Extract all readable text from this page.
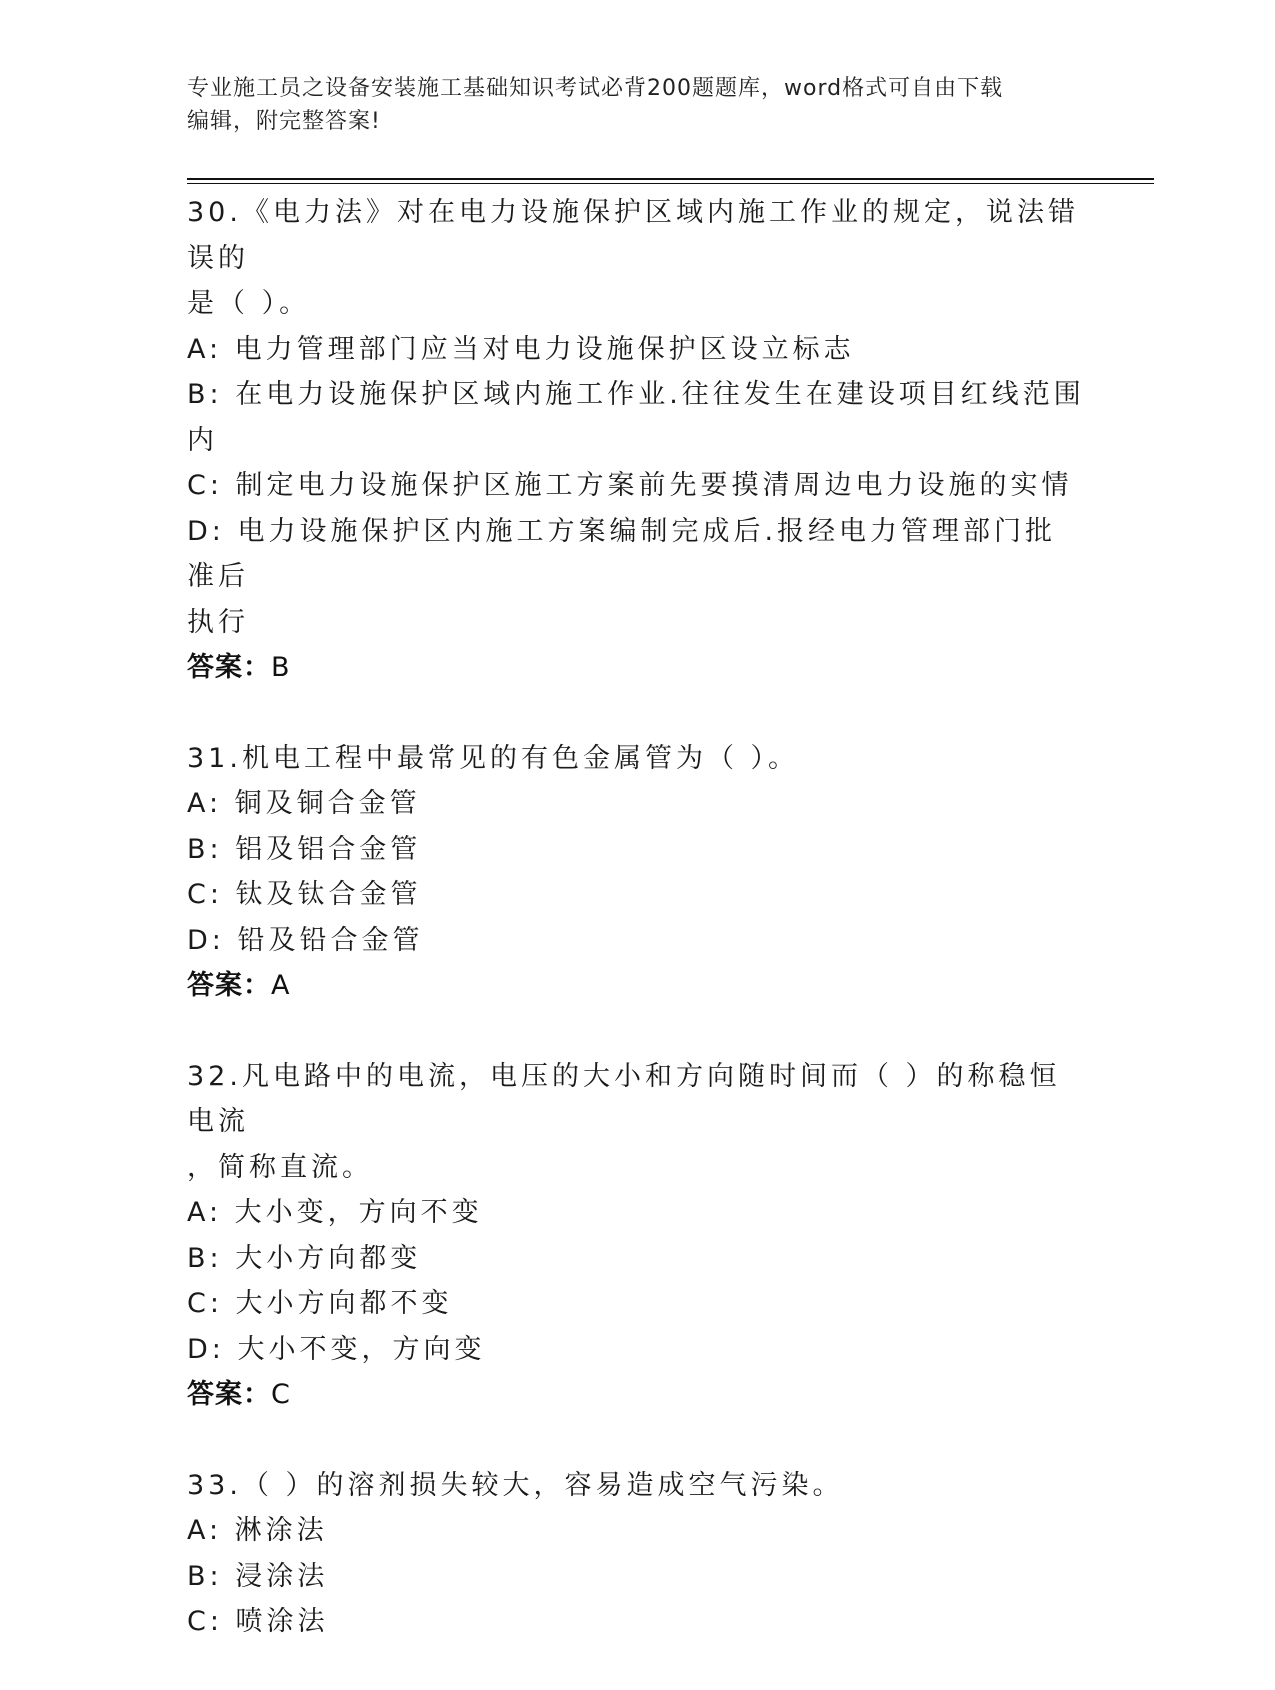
专业施工员之设备安装施工基础知识考试必背200题题库，word格式可自由下载
编辑，附完整答案!
30.《电力法》对在电力设施保护区域内施工作业的规定，说法错误的
是（ ）。
A: 电力管理部门应当对电力设施保护区设立标志
B: 在电力设施保护区域内施工作业.往往发生在建设项目红线范围内
C: 制定电力设施保护区施工方案前先要摸清周边电力设施的实情
D: 电力设施保护区内施工方案编制完成后.报经电力管理部门批准后
执行
答案：B
31.机电工程中最常见的有色金属管为（ ）。
A: 铜及铜合金管
B: 铝及铝合金管
C: 钛及钛合金管
D: 铅及铅合金管
答案：A
32.凡电路中的电流，电压的大小和方向随时间而（ ）的称稳恒电流
，简称直流。
A: 大小变，方向不变
B: 大小方向都变
C: 大小方向都不变
D: 大小不变，方向变
答案：C
33.（ ）的溶剂损失较大，容易造成空气污染。
A: 淋涂法
B: 浸涂法
C: 喷涂法
